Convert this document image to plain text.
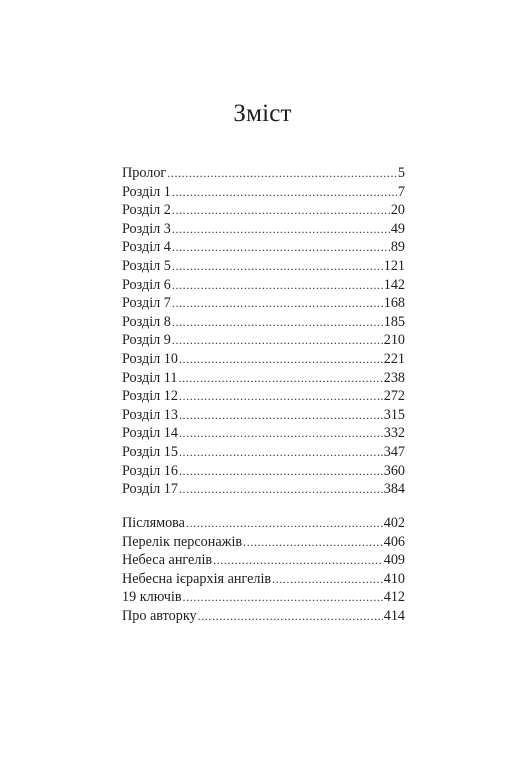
Зміст
Пролог .....	5
Розділ 1 .....	7
Розділ 2 .....	20
Розділ 3 .....	49
Розділ 4 .....	89
Розділ 5 .....	121
Розділ 6 .....	142
Розділ 7 .....	168
Розділ 8 .....	185
Розділ 9 .....	210
Розділ 10 .....	221
Розділ 11 .....	238
Розділ 12 .....	272
Розділ 13 .....	315
Розділ 14 .....	332
Розділ 15 .....	347
Розділ 16 .....	360
Розділ 17 .....	384
Післямова .....	402
Перелік персонажів .....	406
Небеса ангелів .....	409
Небесна ієрархія ангелів .....	410
19 ключів .....	412
Про авторку .....	414
